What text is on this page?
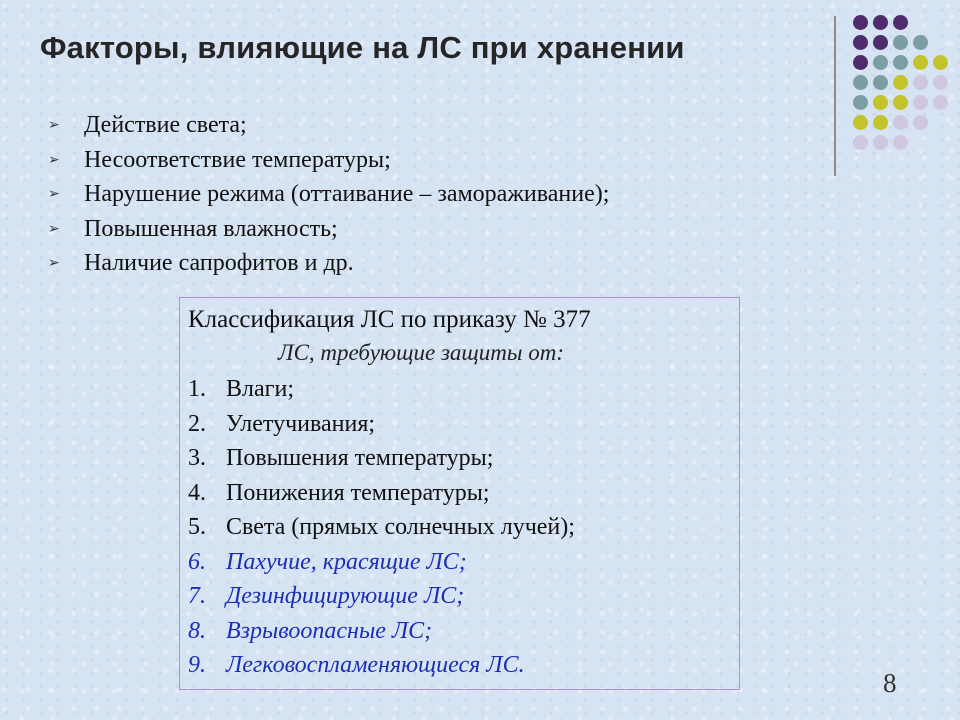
Факторы, влияющие на ЛС при хранении
➢ Действие света;
➢ Несоответствие температуры;
➢ Нарушение режима (оттаивание – замораживание);
➢ Повышенная влажность;
➢ Наличие сапрофитов и др.
Классификация ЛС по приказу № 377
ЛС, требующие защиты от:
1. Влаги;
2. Улетучивания;
3. Повышения температуры;
4. Понижения температуры;
5. Света (прямых солнечных лучей);
6. Пахучие, красящие ЛС;
7. Дезинфицирующие ЛС;
8. Взрывоопасные ЛС;
9. Легковоспламеняющиеся ЛС.
8
